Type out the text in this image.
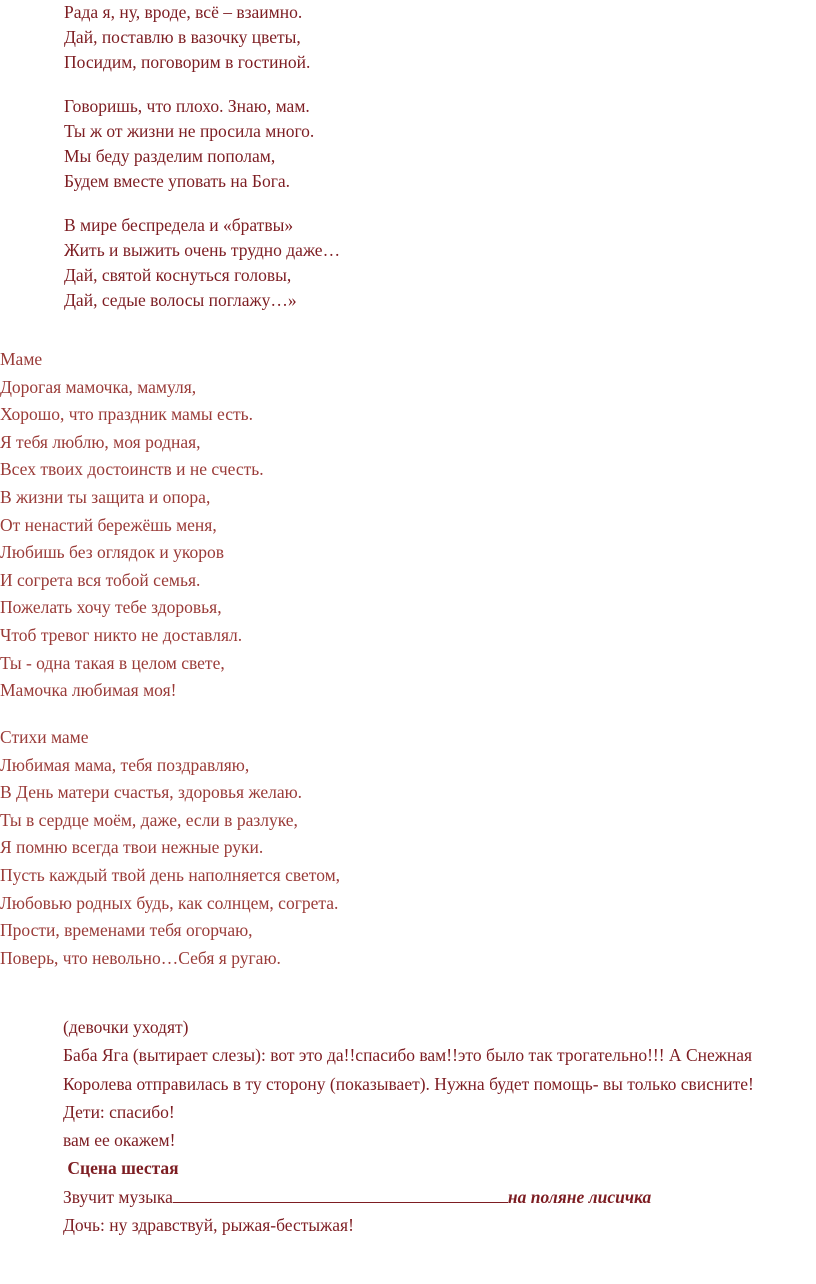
Рада я, ну, вроде, всё – взаимно.
Дай, поставлю в вазочку цветы,
Посидим, поговорим в гостиной.
Говоришь, что плохо. Знаю, мам.
Ты ж от жизни не просила много.
Мы беду разделим пополам,
Будем вместе уповать на Бога.
В мире беспредела и «братвы»
Жить и выжить очень трудно даже…
Дай, святой коснуться головы,
Дай, седые волосы поглажу…»
Маме
Дорогая мамочка, мамуля,
Хорошо, что праздник мамы есть.
Я тебя люблю, моя родная,
Всех твоих достоинств и не счесть.
В жизни ты защита и опора,
От ненастий бережёшь меня,
Любишь без оглядок и укоров
И согрета вся тобой семья.
Пожелать хочу тебе здоровья,
Чтоб тревог никто не доставлял.
Ты - одна такая в целом свете,
Мамочка любимая моя!
Стихи маме
Любимая мама, тебя поздравляю,
В День матери счастья, здоровья желаю.
Ты в сердце моём, даже, если в разлуке,
Я помню всегда твои нежные руки.
Пусть каждый твой день наполняется светом,
Любовью родных будь, как солнцем, согрета.
Прости, временами тебя огорчаю,
Поверь, что невольно…Себя я ругаю.
(девочки уходят)
Баба Яга (вытирает слезы): вот это да!!спасибо вам!!это было так трогательно!!! А Снежная Королева отправилась в ту сторону (показывает). Нужна будет помощь- вы только свисните!
Дети: спасибо!
вам ее окажем!
Сцена шестая
Звучит музыка	на поляне лисичка
Дочь: ну здравствуй, рыжая-бестыжая!
